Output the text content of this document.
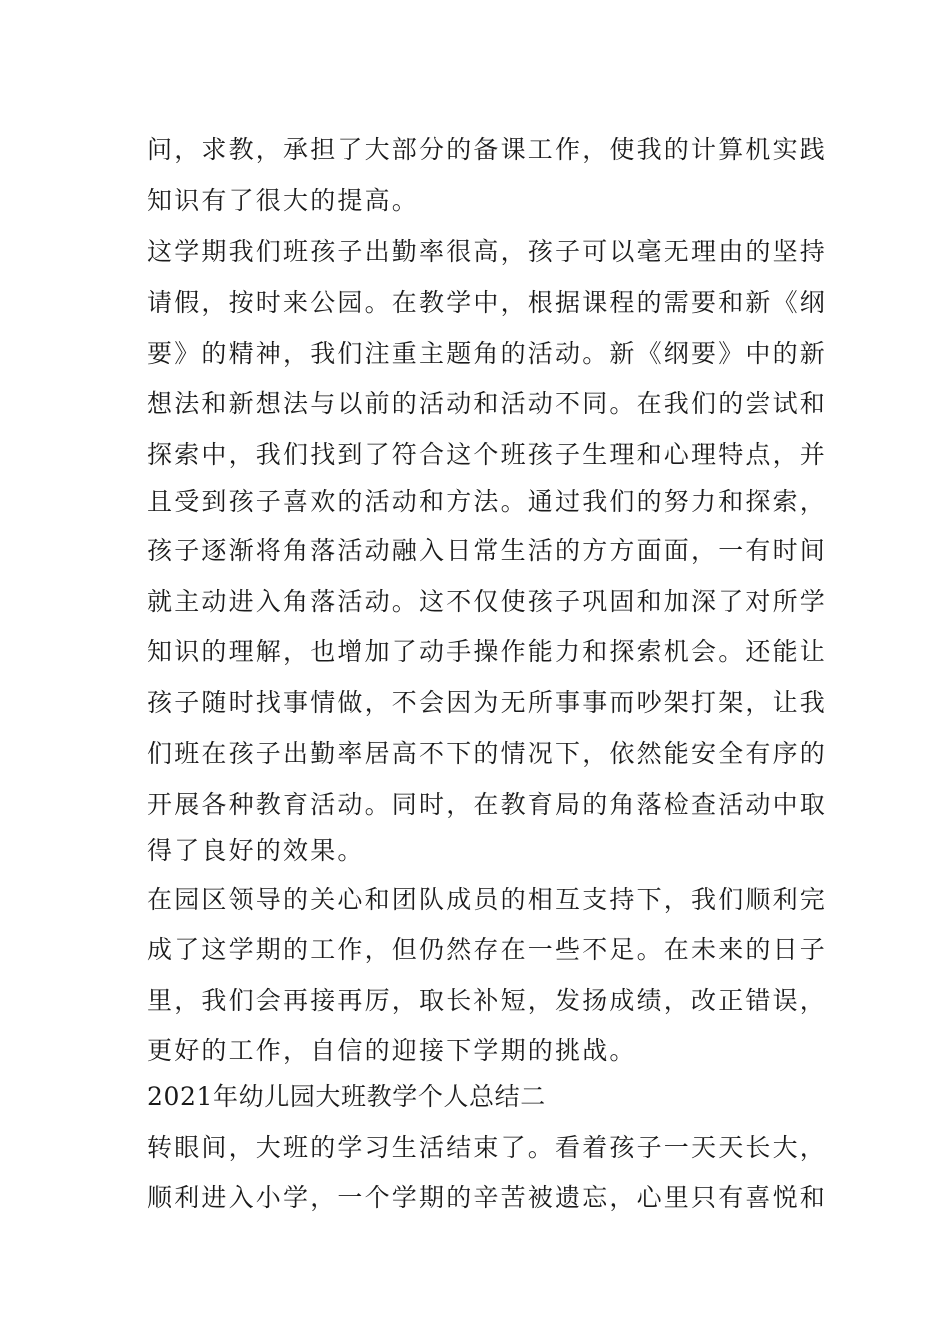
问，求教，承担了大部分的备课工作，使我的计算机实践
知识有了很大的提高。
这学期我们班孩子出勤率很高，孩子可以毫无理由的坚持
请假，按时来公园。在教学中，根据课程的需要和新《纲
要》的精神，我们注重主题角的活动。新《纲要》中的新
想法和新想法与以前的活动和活动不同。在我们的尝试和
探索中，我们找到了符合这个班孩子生理和心理特点，并
且受到孩子喜欢的活动和方法。通过我们的努力和探索，
孩子逐渐将角落活动融入日常生活的方方面面，一有时间
就主动进入角落活动。这不仅使孩子巩固和加深了对所学
知识的理解，也增加了动手操作能力和探索机会。还能让
孩子随时找事情做，不会因为无所事事而吵架打架，让我
们班在孩子出勤率居高不下的情况下，依然能安全有序的
开展各种教育活动。同时，在教育局的角落检查活动中取
得了良好的效果。
在园区领导的关心和团队成员的相互支持下，我们顺利完
成了这学期的工作，但仍然存在一些不足。在未来的日子
里，我们会再接再厉，取长补短，发扬成绩，改正错误，
更好的工作，自信的迎接下学期的挑战。
2021年幼儿园大班教学个人总结二
转眼间，大班的学习生活结束了。看着孩子一天天长大，
顺利进入小学，一个学期的辛苦被遗忘，心里只有喜悦和
